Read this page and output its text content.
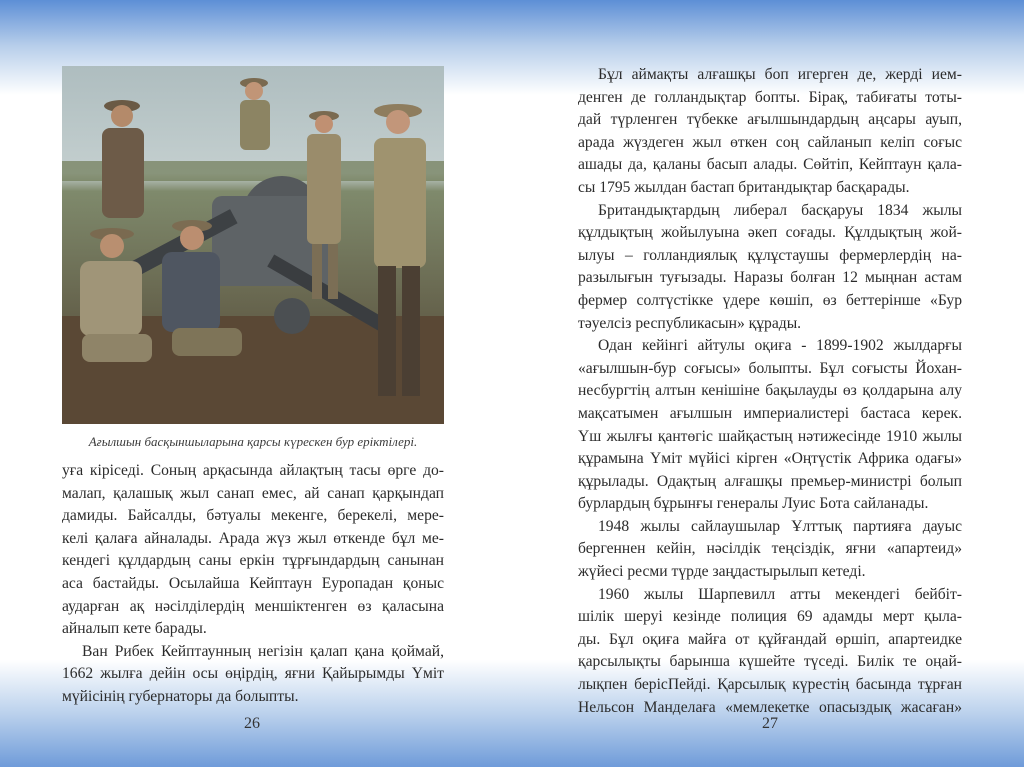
Ағылшын басқыншыларына қарсы күрескен бур еріктілері.
уға кіріседі. Соның арқасында айлақтың тасы өрге до-
малап, қалашық жыл санап емес, ай санап қарқындап
дамиды. Байсалды, бәтуалы мекенге, берекелі, мере-
келі қалаға айналады. Арада жүз жыл өткенде бұл ме-
кендегі құлдардың саны еркін тұрғындардың санынан
аса бастайды. Осылайша Кейптаун Еуропадан қоныс
аударған ақ нәсілділердің меншіктенген өз қаласына
айналып кете барады.
Ван Рибек Кейптаунның негізін қалап қана қоймай,
1662 жылға дейін осы өңірдің, яғни Қайырымды Үміт
мүйісінің губернаторы да болыпты.
26
Бұл аймақты алғашқы боп игерген де, жерді ием-
денген де голландықтар бопты. Бірақ, табиғаты тоты-
дай түрленген түбекке ағылшындардың аңсары ауып,
арада жүздеген жыл өткен соң сайланып келіп соғыс
ашады да, қаланы басып алады. Сөйтіп, Кейптаун қала-
сы 1795 жылдан бастап британдықтар басқарады.
Британдықтардың либерал басқаруы 1834 жылы
құлдықтың жойылуына әкеп соғады. Құлдықтың жой-
ылуы – голландиялық құлұстаушы фермерлердің на-
разылығын туғызады. Наразы болған 12 мыңнан астам
фермер солтүстікке үдере көшіп, өз беттерінше «Бур
тәуелсіз республикасын» құрады.
Одан кейінгі айтулы оқиға - 1899-1902 жылдарғы
«ағылшын-бур соғысы» болыпты. Бұл соғысты Йохан-
несбургтің алтын кенішіне бақылауды өз қолдарына алу
мақсатымен ағылшын империалистері бастаса керек.
Үш жылғы қантөгіс шайқастың нәтижесінде 1910 жылы
құрамына Үміт мүйісі кірген «Оңтүстік Африка одағы»
құрылады. Одақтың алғашқы премьер-министрі болып
бурлардың бұрынғы генералы Луис Бота сайланады.
1948 жылы сайлаушылар Ұлттық партияға дауыс
бергеннен кейін, нәсілдік теңсіздік, яғни «апартеид»
жүйесі ресми түрде заңдастырылып кетеді.
1960 жылы Шарпевилл атты мекендегі бейбіт-
шілік шеруі кезінде полиция 69 адамды мерт қыла-
ды. Бұл оқиға майға от құйғандай өршіп, апартеидке
қарсылықты барынша күшейте түседі. Билік те оңай-
лықпен берісПейді. Қарсылық күрестің басында тұрған
Нельсон Манделаға «мемлекетке опасыздық жасаған»
27
